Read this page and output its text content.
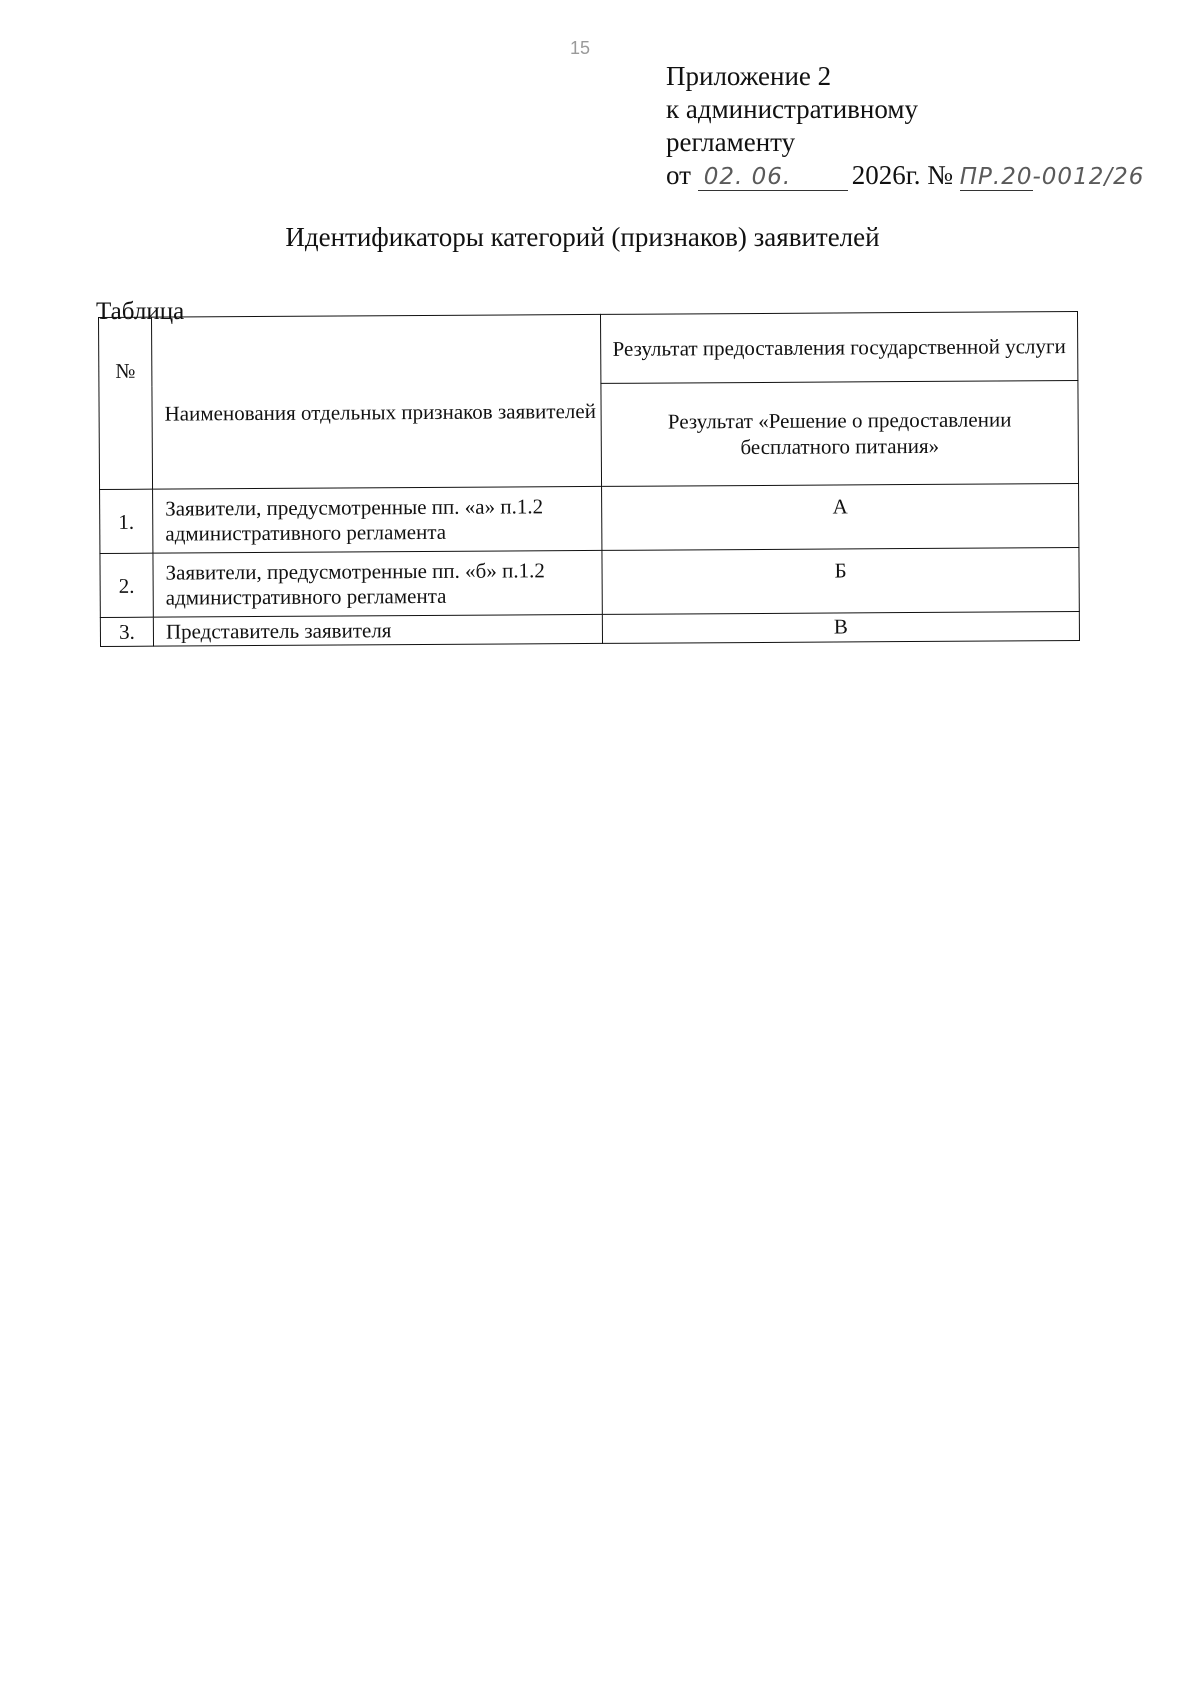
15
Приложение 2
к административному
регламенту
от 02. 06. 2026г. № ПР.20-0012/26
Идентификаторы категорий (признаков) заявителей
Таблица
№	Наименования отдельных признаков заявителей	Результат предоставления государственной услуги
		Результат «Решение о предоставлении бесплатного питания»
1.	Заявители, предусмотренные пп. «а» п.1.2 административного регламента	А
2.	Заявители, предусмотренные пп. «б» п.1.2 административного регламента	Б
3.	Представитель заявителя	В
